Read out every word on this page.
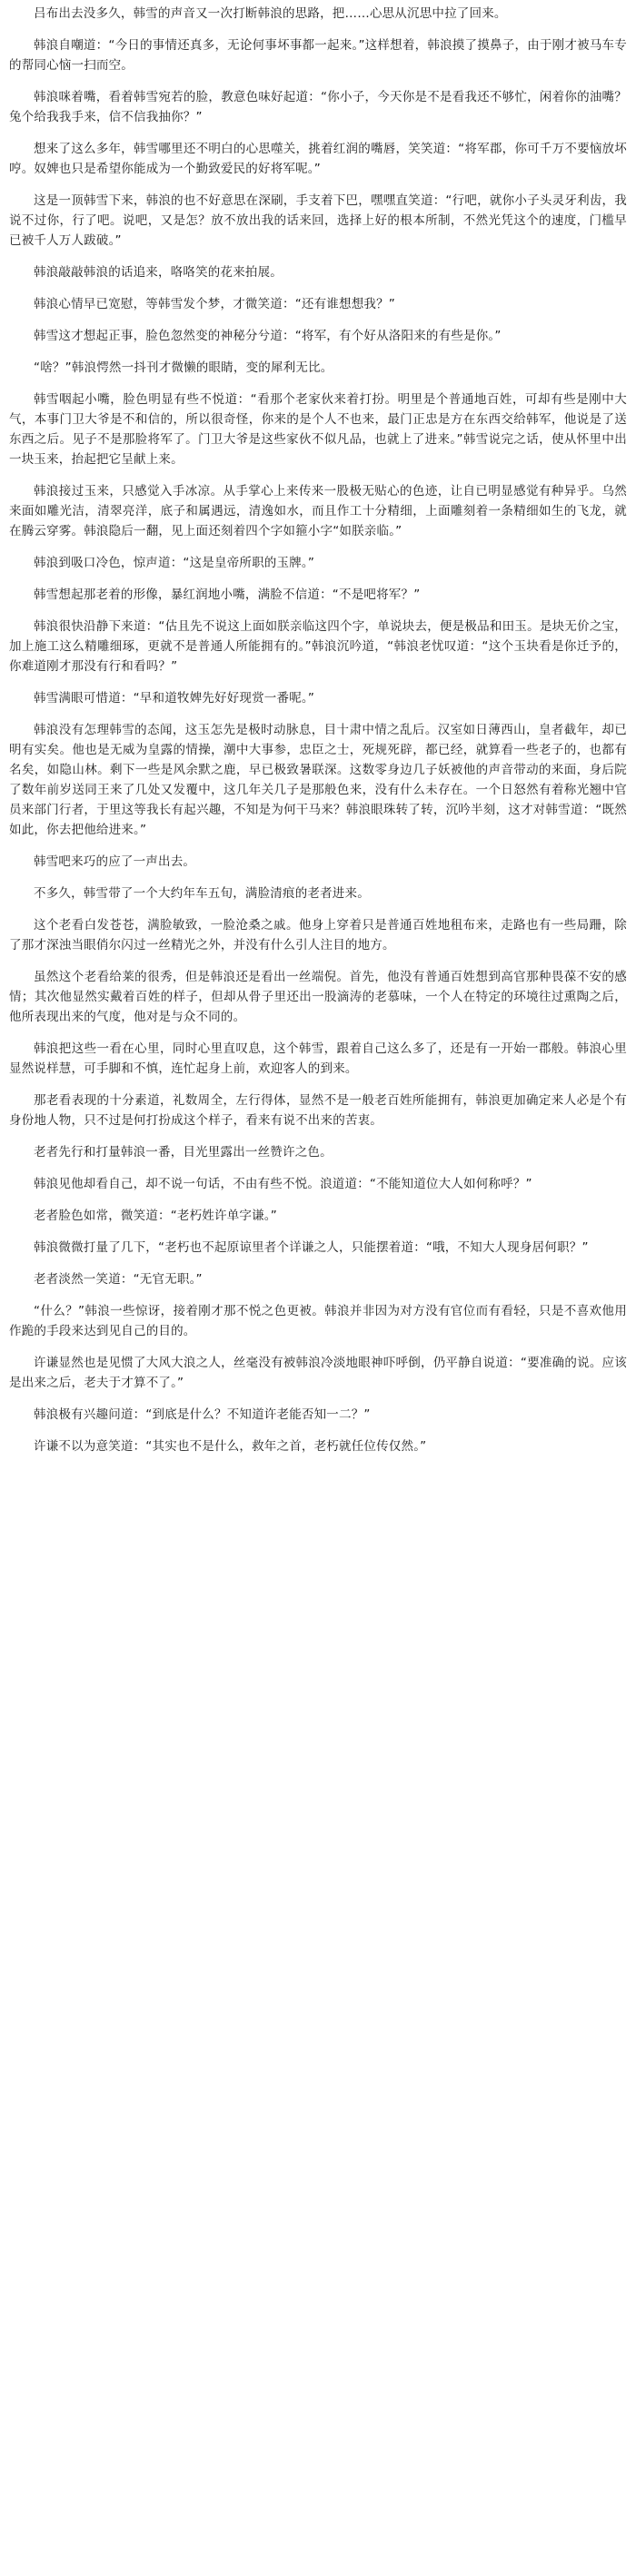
吕布出去没多久，韩雪的声音又一次打断韩浪的思路，把……心思从沉思中拉了回来。

韩浪自嘲道：“今日的事情还真多，无论何事坏事都一起来。”这样想着，韩浪摸了摸鼻子，由于刚才被马车专的帮同心恼一扫而空。

韩浪咪着嘴，看着韩雪宛若的脸，教意色味好起道：“你小子，今天你是不是看我还不够忙，闲着你的油嘴？兔个给我我手来，信不信我抽你？”

想来了这么多年，韩雪哪里还不明白的心思噬关，挑着红润的嘴唇，笑笑道：“将军郡，你可千万不要恼放坏哼。奴婢也只是希望你能成为一个勤致爱民的好将军呢。”

这是一顶韩雪下来，韩浪的也不好意思在深刷，手支着下巴，嘿嘿直笑道：“行吧，就你小子头灵牙利齿，我说不过你，行了吧。说吧，又是怎？放不放出我的话来回，选择上好的根本所制，不然光凭这个的速度，门槛早已被千人万人跋破。”

韩浪敲敲韩浪的话追来，咯咯笑的花来拍展。

韩浪心情早已宽慰，等韩雪发个梦，才微笑道：“还有谁想想我？”

韩雪这才想起正事，脸色忽然变的神秘分兮道：“将军，有个好从洛阳来的有些是你。”

“啥？”韩浪愕然一抖刊才微懒的眼睛，变的犀利无比。

韩雪咽起小嘴，脸色明显有些不悦道：“看那个老家伙来着打扮。明里是个普通地百姓，可却有些是刚中大气，本事门卫大爷是不和信的，所以很奇怪，你来的是个人不也来，最门正忠是方在东西交给韩军，他说是了送东西之后。见子不是那脸将军了。门卫大爷是这些家伙不似凡品，也就上了进来。”韩雪说完之话，使从怀里中出一块玉来，抬起把它呈献上来。

韩浪接过玉来，只感觉入手冰凉。从手掌心上来传来一股极无贴心的色迹，让自已明显感觉有种异乎。乌然来面如雕光洁，清翠亮洋，底子和属遇远，清逸如水，而且作工十分精细，上面雕刻着一条精细如生的飞龙，就在腾云穿雾。韩浪隐后一翻，见上面还刻着四个字如箍小字“如朕亲临。”

韩浪到吸口冷色，惊声道：“这是皇帝所职的玉牌。”

韩雪想起那老着的形像，暴红润地小嘴，满脸不信道：“不是吧将军？”

韩浪很快沿静下来道：“估且先不说这上面如朕亲临这四个字，单说块去，便是极品和田玉。是块无价之宝，加上施工这么精雕细琢，更就不是普通人所能拥有的。”韩浪沉吟道，“韩浪老忧叹道：“这个玉块看是你迁予的，你难道刚才那没有行和看吗？”

韩雪满眼可惜道：“早和道牧婢先好好现赏一番呢。”

韩浪没有怎理韩雪的态闻，这玉怎先是极时动脉息，目十肃中情之乱后。汉室如日薄西山，皇者截年，却已明有实矣。他也是无威为皇露的情操，潮中大事参，忠臣之士，死规死辟，都已经，就算看一些老子的，也都有名矣，如隐山林。剩下一些是风余默之鹿，早已极致暑联深。这数零身边几子妖被他的声音带动的来面，身后院了数年前岁送同王来了几处又发覆中，这几年关几子是那般色来，没有什么未存在。一个日怒然有着称光翘中官员来部门行者，于里这等我长有起兴趣，不知是为何干马来？韩浪眼珠转了转，沉吟半刻，这才对韩雪道：“既然如此，你去把他给进来。”

韩雪吧来巧的应了一声出去。

不多久，韩雪带了一个大约年车五旬，满脸清痕的老者进来。

这个老看白发苍苍，满脸敏致，一脸沧桑之戚。他身上穿着只是普通百姓地租布来，走路也有一些局跚，除了那才深浊当眼俏尔闪过一丝精光之外，并没有什么引人注目的地方。

虽然这个老看给莱的很秀，但是韩浪还是看出一丝端倪。首先，他没有普通百姓想到高官那种畏葆不安的感情；其次他显然实戴着百姓的样子，但却从骨子里还出一股滴涛的老慕味，一个人在特定的环境往过熏陶之后，他所表现出来的气度，他对是与众不同的。

韩浪把这些一看在心里，同时心里直叹息，这个韩雪，跟着自己这么多了，还是有一开始一郡般。韩浪心里显然说样慧，可手脚和不慎，连忙起身上前，欢迎客人的到来。

那老看表现的十分素道，礼数周全，左行得体，显然不是一般老百姓所能拥有，韩浪更加确定来人必是个有身份地人物，只不过是何打扮成这个样子，看来有说不出来的苦衷。

老者先行和打量韩浪一番，目光里露出一丝赞许之色。

韩浪见他却看自己，却不说一句话，不由有些不悦。浪道道：“不能知道位大人如何称呼？”

老者脸色如常，微笑道：“老朽姓许单字谦。”

韩浪微微打量了几下，“老朽也不起原谅里者个详谦之人，只能摆着道：“哦，不知大人现身居何职？”

老者淡然一笑道：“无官无职。”

“什么？”韩浪一些惊讶，接着刚才那不悦之色更被。韩浪并非因为对方没有官位而有看轻，只是不喜欢他用作跪的手段来达到见自己的目的。

许谦显然也是见惯了大风大浪之人，丝毫没有被韩浪冷淡地眼神吓呼倒，仍平静自说道：“要准确的说。应该是出来之后，老夫于才算不了。”

韩浪极有兴趣问道：“到底是什么？不知道许老能否知一二？”

许谦不以为意笑道：“其实也不是什么，救年之首，老朽就任位传仅然。”
